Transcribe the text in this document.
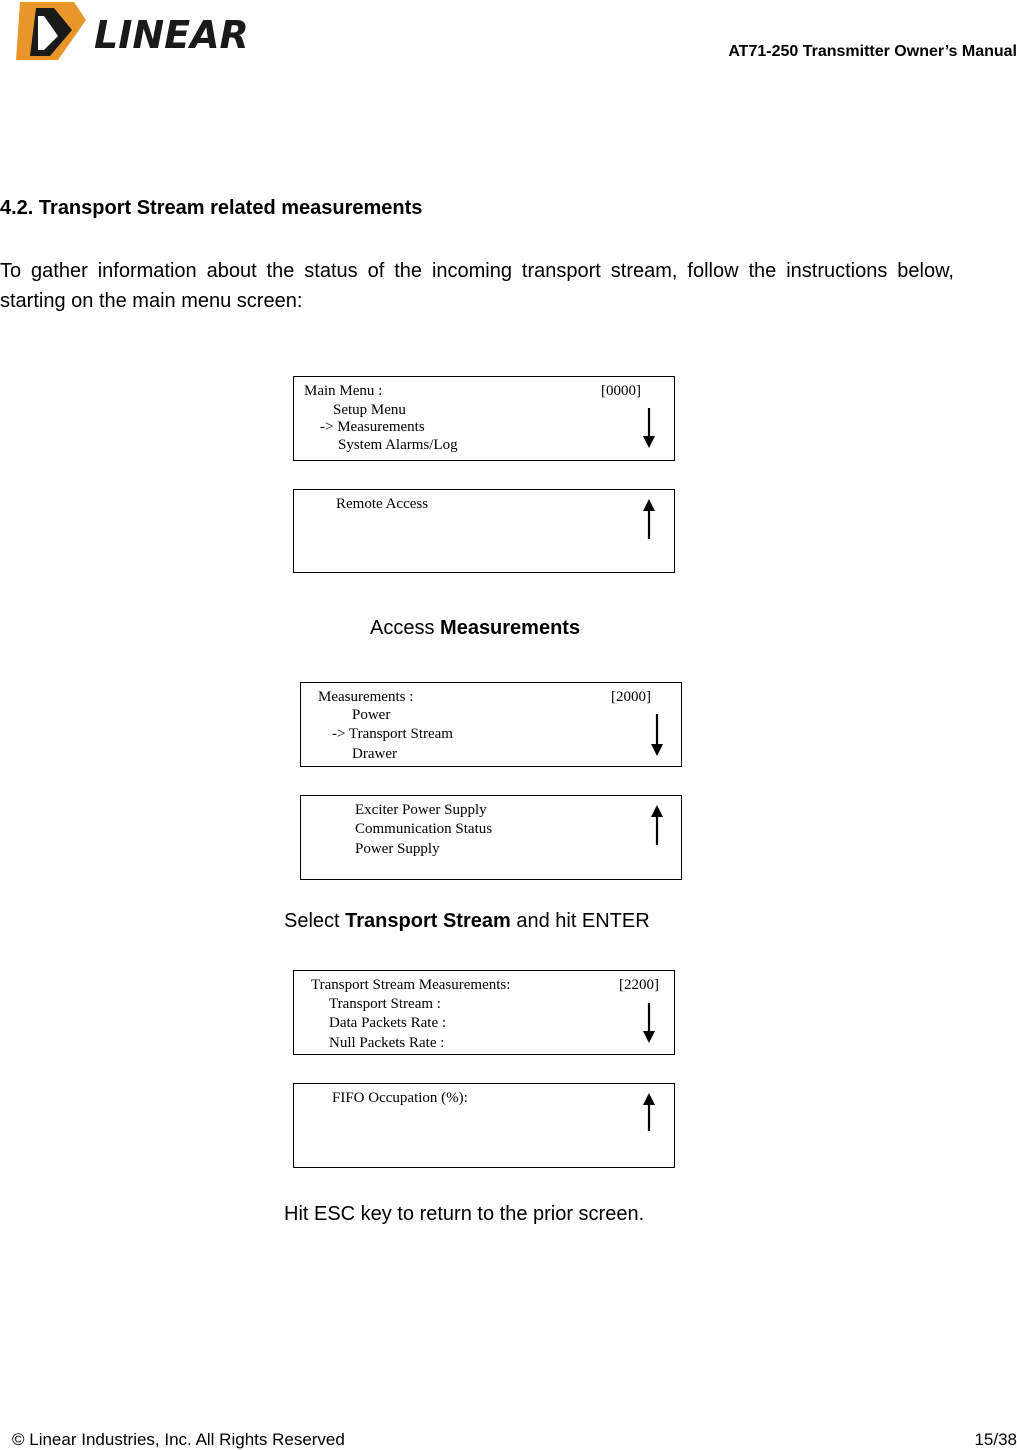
LINEAR	AT71-250 Transmitter Owner’s Manual
4.2. Transport Stream related measurements
To gather information about the status of the incoming transport stream, follow the instructions below, starting on the main menu screen:
Main Menu :	[0000]
Setup Menu
-> Measurements
System Alarms/Log
Remote Access
Access Measurements
Measurements :	[2000]
Power
-> Transport Stream
Drawer
Exciter Power Supply
Communication Status
Power Supply
Select Transport Stream and hit ENTER
Transport Stream Measurements:	[2200]
Transport Stream :
Data Packets Rate :
Null Packets Rate :
FIFO Occupation (%):
Hit ESC key to return to the prior screen.
© Linear Industries, Inc. All Rights Reserved	15/38
